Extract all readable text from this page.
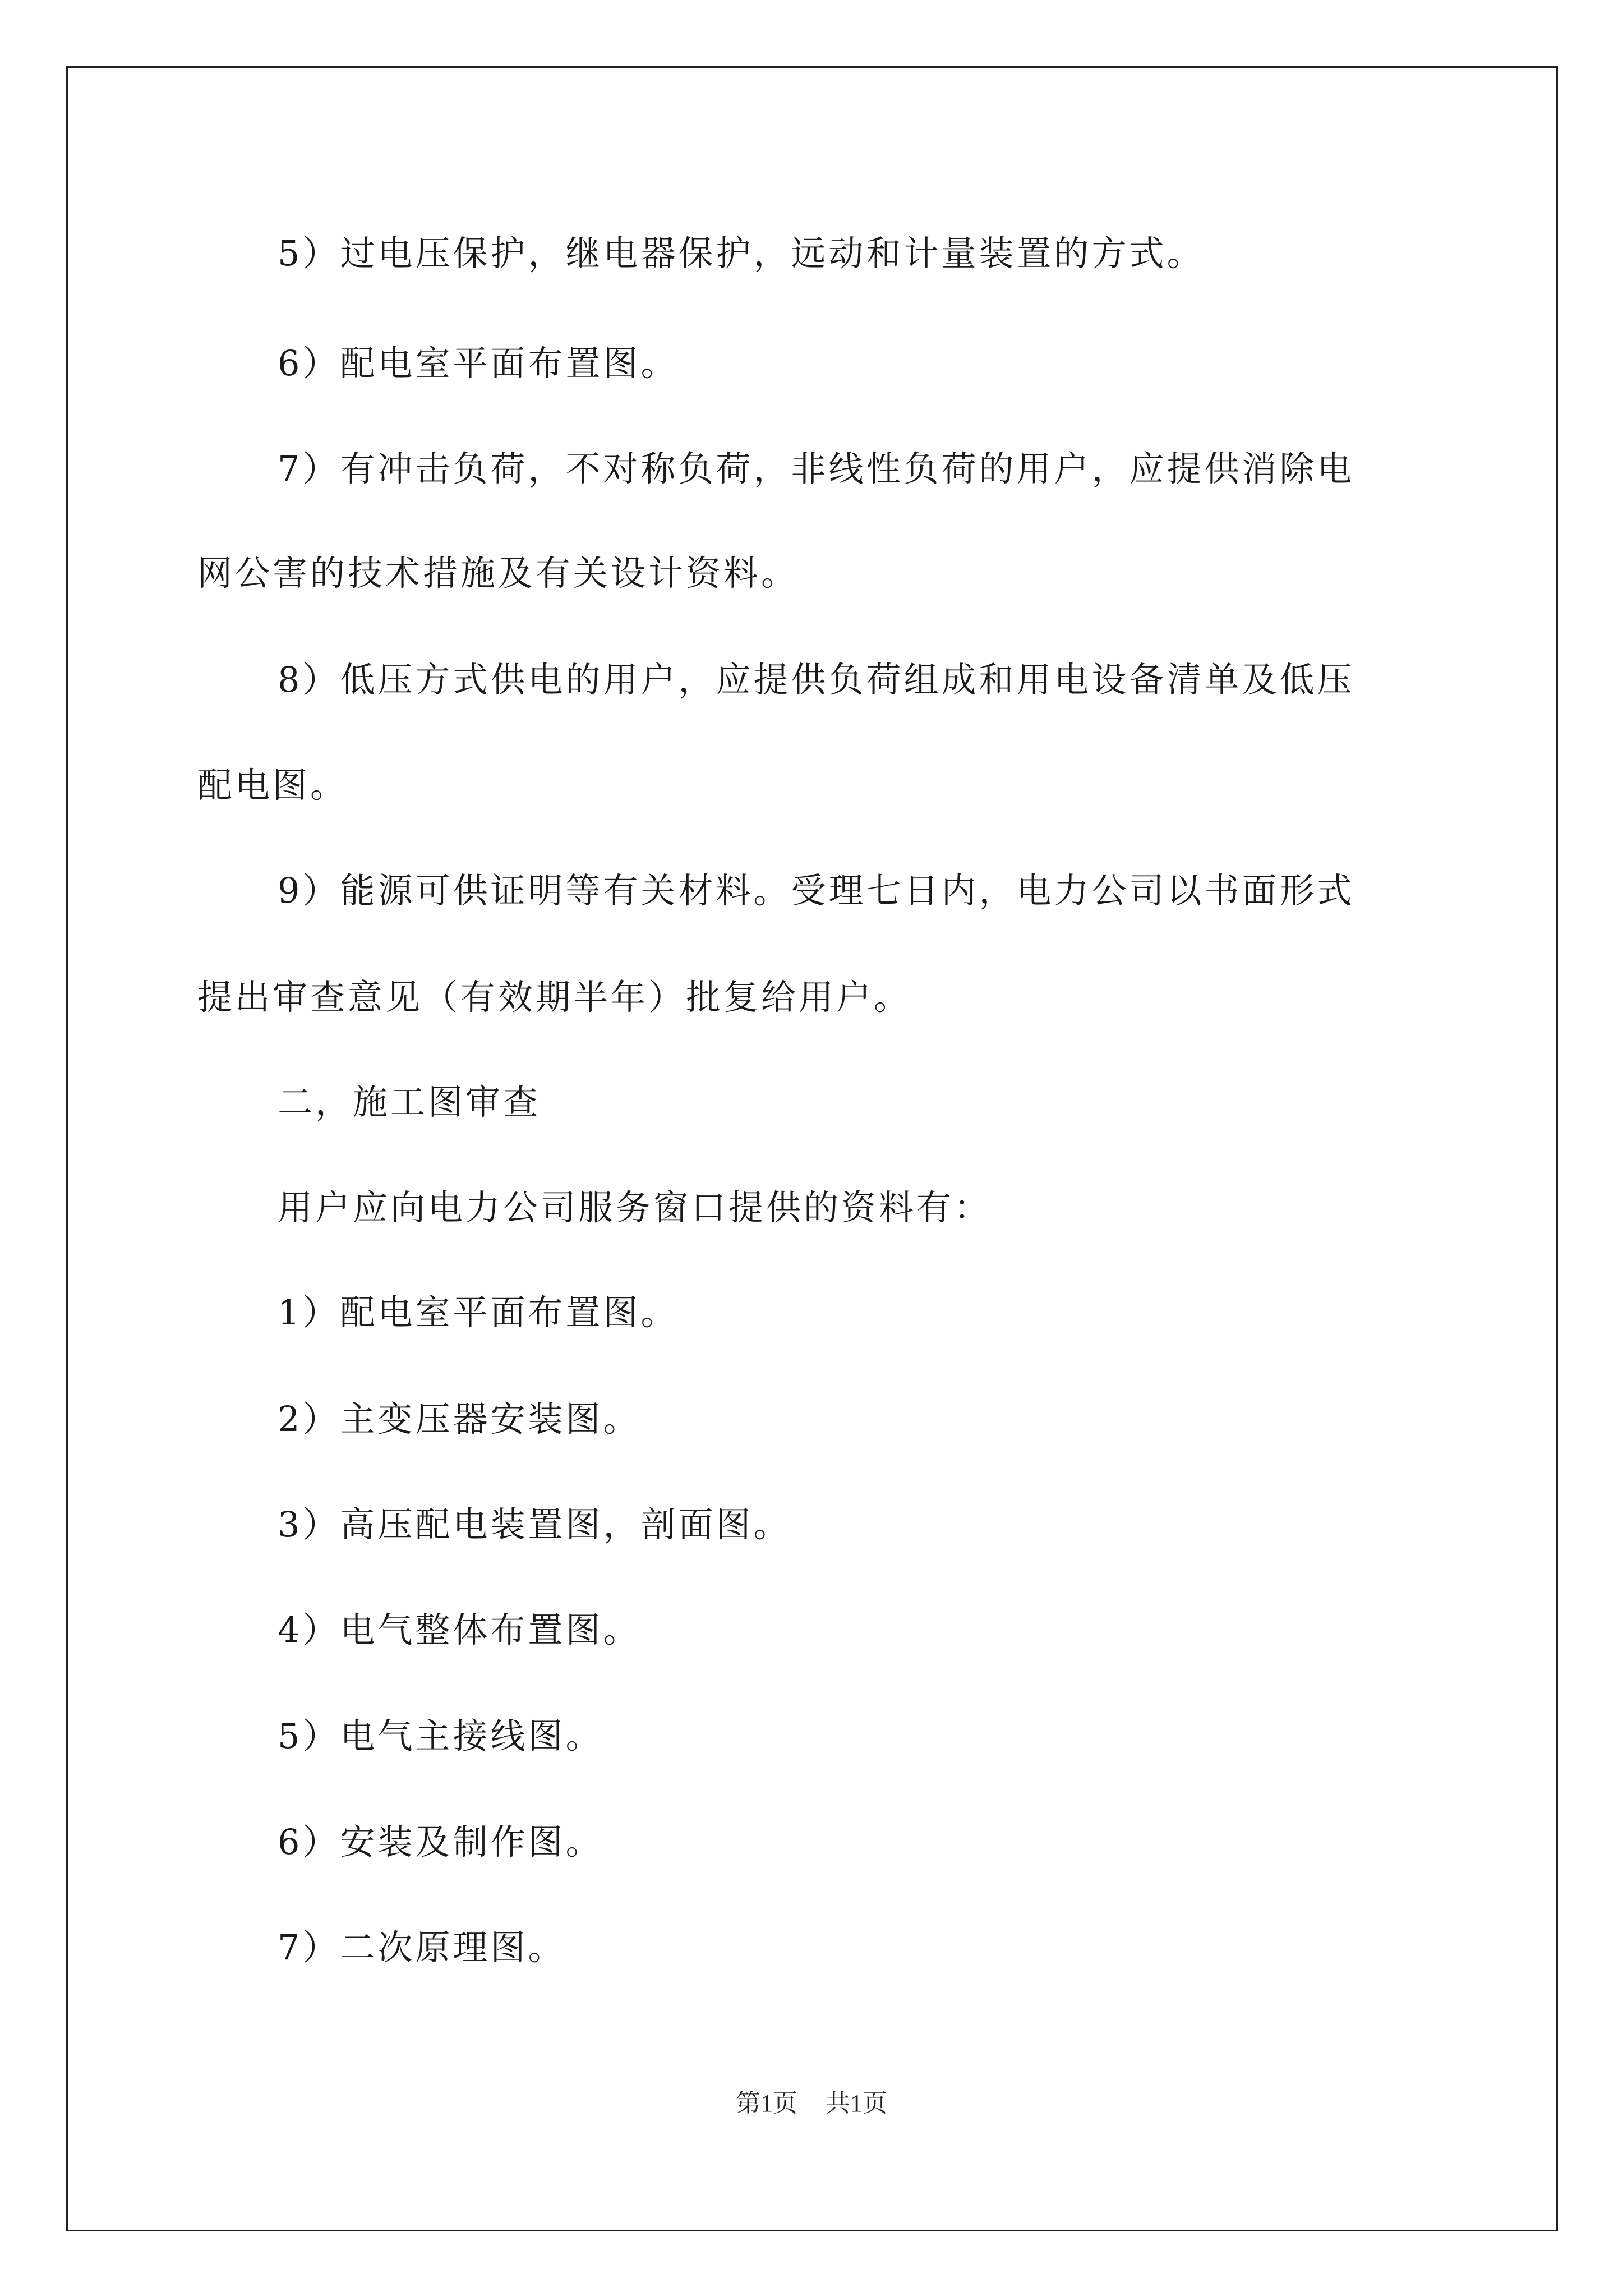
5）过电压保护，继电器保护，远动和计量装置的方式。
6）配电室平面布置图。
7）有冲击负荷，不对称负荷，非线性负荷的用户，应提供消除电
网公害的技术措施及有关设计资料。
8）低压方式供电的用户，应提供负荷组成和用电设备清单及低压
配电图。
9）能源可供证明等有关材料。受理七日内，电力公司以书面形式
提出审查意见（有效期半年）批复给用户。
二，施工图审查
用户应向电力公司服务窗口提供的资料有：
1）配电室平面布置图。
2）主变压器安装图。
3）高压配电装置图，剖面图。
4）电气整体布置图。
5）电气主接线图。
6）安装及制作图。
7）二次原理图。
第1页 共1页
